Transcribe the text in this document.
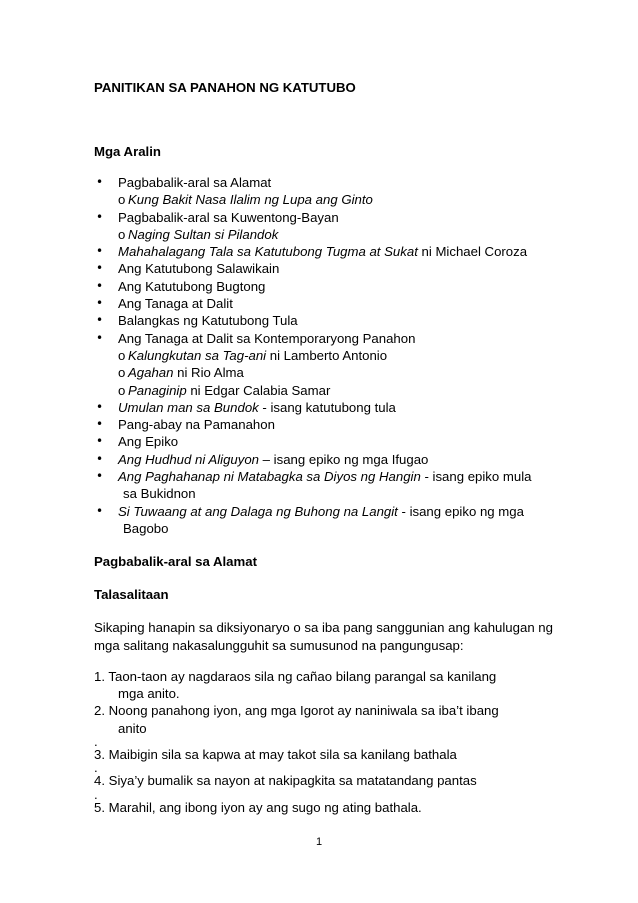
PANITIKAN SA PANAHON NG KATUTUBO

Mga Aralin

• Pagbabalik-aral sa Alamat
o Kung Bakit Nasa Ilalim ng Lupa ang Ginto
• Pagbabalik-aral sa Kuwentong-Bayan
o Naging Sultan si Pilandok
• Mahahalagang Tala sa Katutubong Tugma at Sukat ni Michael Coroza
• Ang Katutubong Salawikain
• Ang Katutubong Bugtong
• Ang Tanaga at Dalit
• Balangkas ng Katutubong Tula
• Ang Tanaga at Dalit sa Kontemporaryong Panahon
o Kalungkutan sa Tag-ani ni Lamberto Antonio
o Agahan ni Rio Alma
o Panaginip ni Edgar Calabia Samar
• Umulan man sa Bundok - isang katutubong tula
• Pang-abay na Pamanahon
• Ang Epiko
• Ang Hudhud ni Aliguyon – isang epiko ng mga Ifugao
• Ang Paghahanap ni Matabagka sa Diyos ng Hangin - isang epiko mula
sa Bukidnon
• Si Tuwaang at ang Dalaga ng Buhong na Langit - isang epiko ng mga
Bagobo

Pagbabalik-aral sa Alamat

Talasalitaan

Sikaping hanapin sa diksiyonaryo o sa iba pang sanggunian ang kahulugan ng mga salitang nakasalungguhit sa sumusunod na pangungusap:

1. Taon-taon ay nagdaraos sila ng cañao bilang parangal sa kanilang
mga anito.
2. Noong panahong iyon, ang mga Igorot ay naniniwala sa iba’t ibang
anito
.
3. Maibigin sila sa kapwa at may takot sila sa kanilang bathala
.
4. Siya’y bumalik sa nayon at nakipagkita sa matatandang pantas
.
5. Marahil, ang ibong iyon ay ang sugo ng ating bathala.
1
